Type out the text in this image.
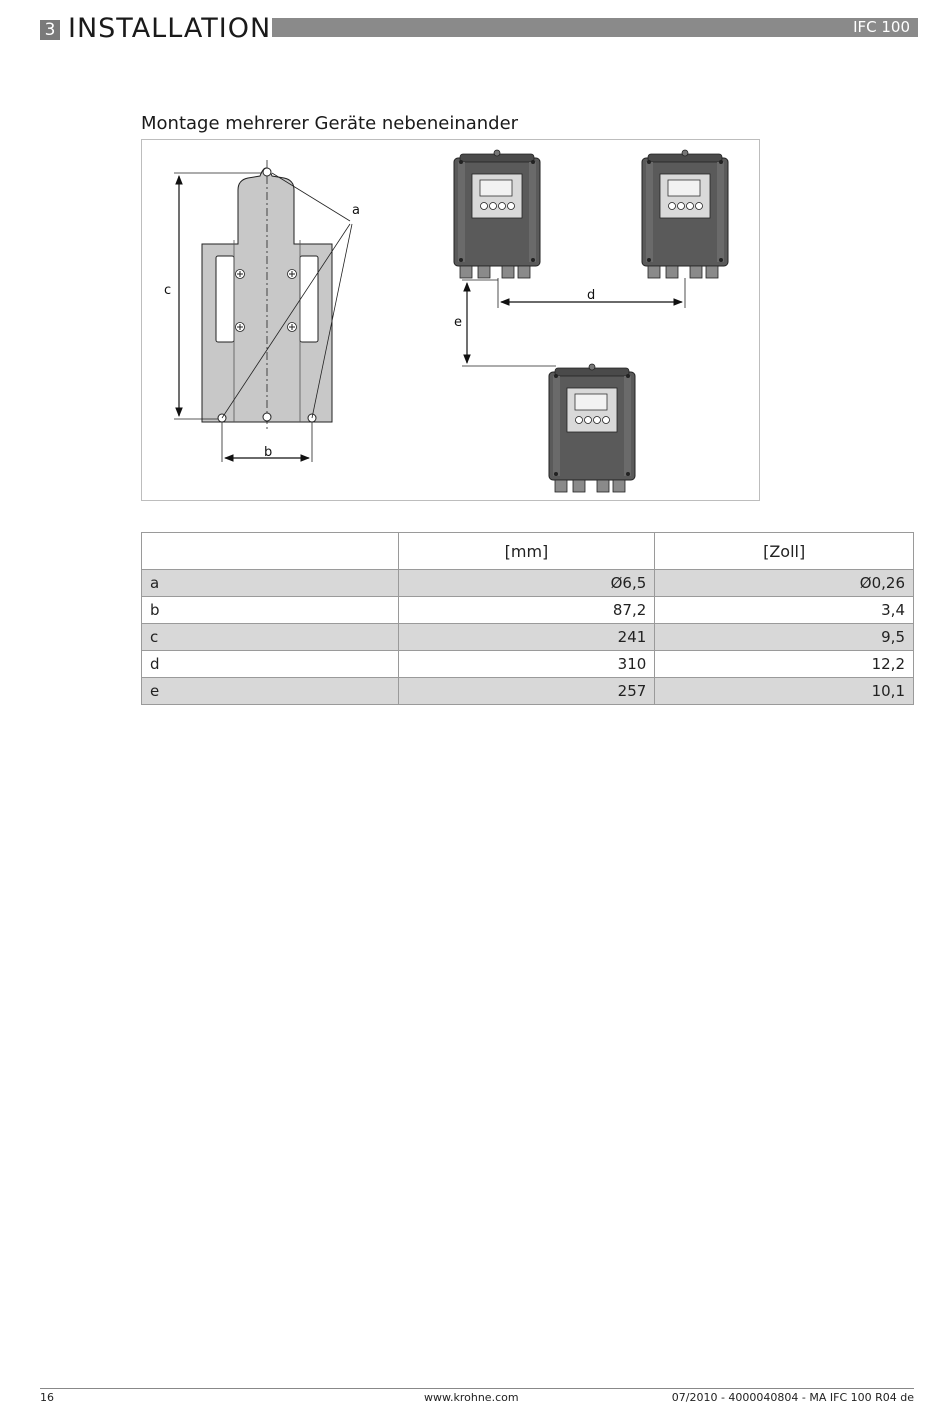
3 INSTALLATION	IFC 100
Montage mehrerer Geräte nebeneinander
c
b
a
d
e
	[mm]	[Zoll]
a	Ø6,5	Ø0,26
b	87,2	3,4
c	241	9,5
d	310	12,2
e	257	10,1
16	www.krohne.com	07/2010 - 4000040804 - MA IFC 100 R04 de
